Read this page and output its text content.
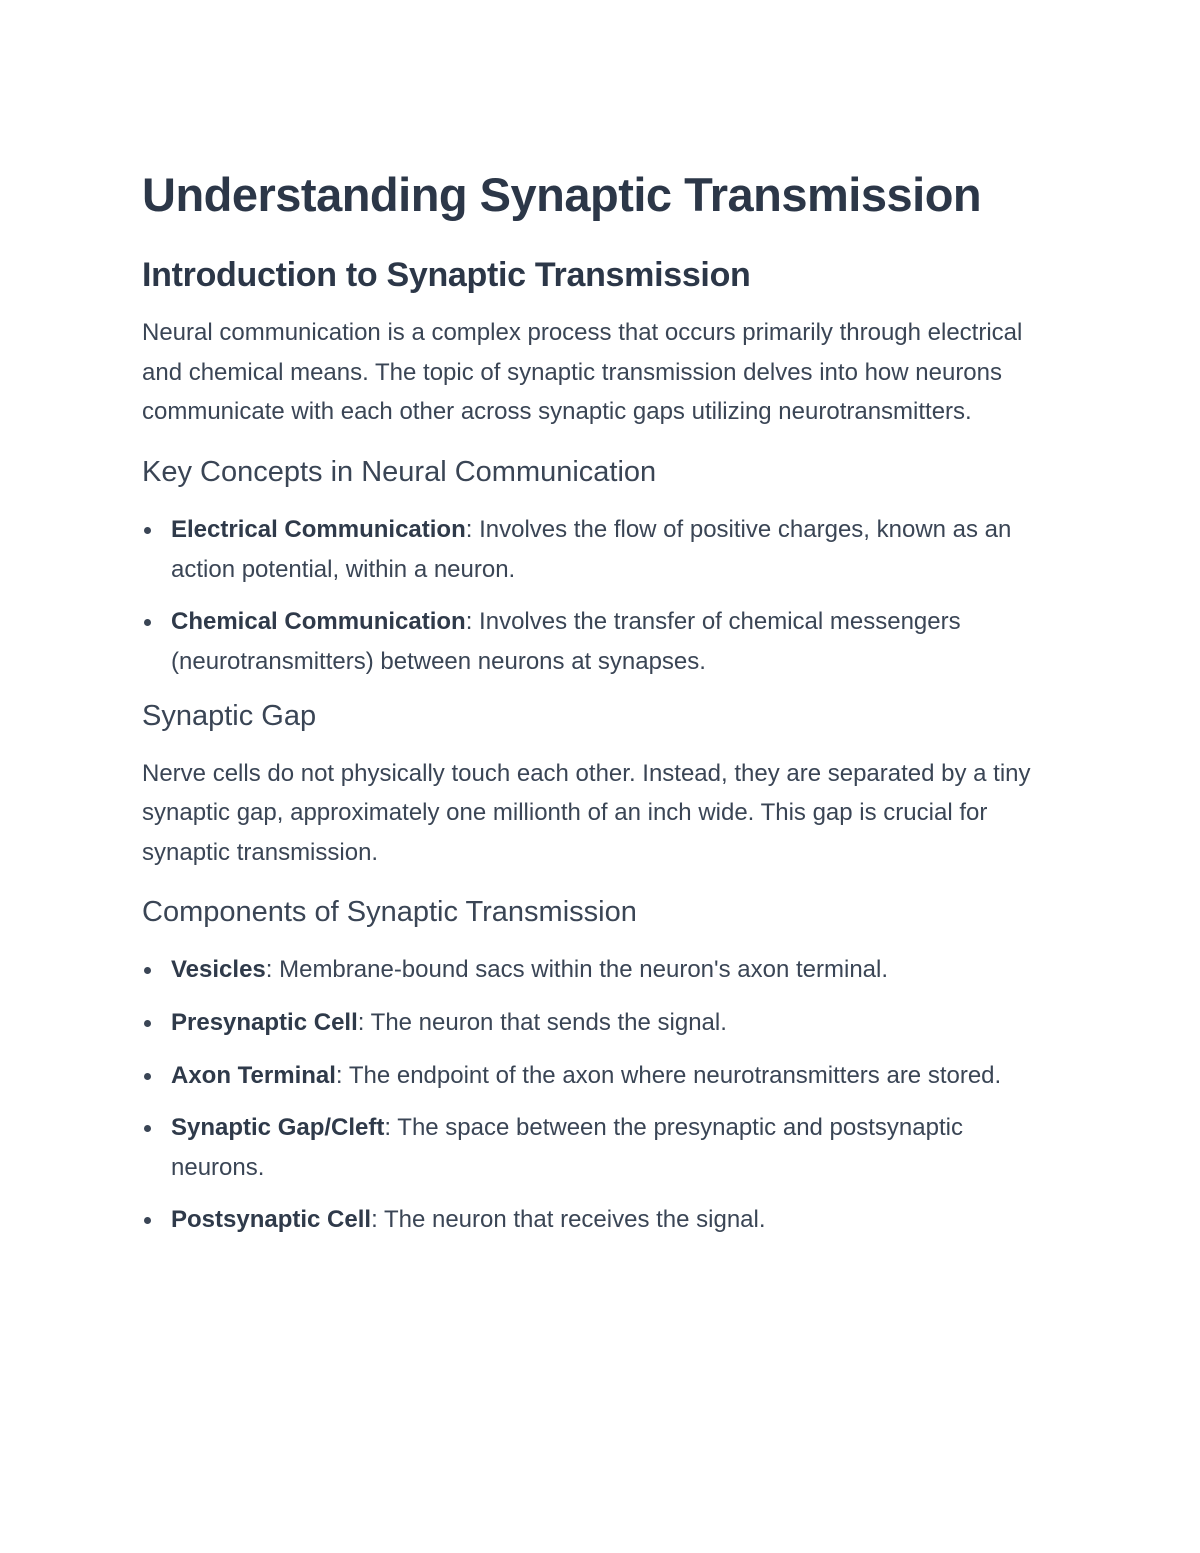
Understanding Synaptic Transmission
Introduction to Synaptic Transmission

Neural communication is a complex process that occurs primarily through electrical and chemical means. The topic of synaptic transmission delves into how neurons communicate with each other across synaptic gaps utilizing neurotransmitters.

Key Concepts in Neural Communication
Electrical Communication: Involves the flow of positive charges, known as an action potential, within a neuron.
Chemical Communication: Involves the transfer of chemical messengers (neurotransmitters) between neurons at synapses.
Synaptic Gap

Nerve cells do not physically touch each other. Instead, they are separated by a tiny synaptic gap, approximately one millionth of an inch wide. This gap is crucial for synaptic transmission.

Components of Synaptic Transmission
Vesicles: Membrane-bound sacs within the neuron's axon terminal.
Presynaptic Cell: The neuron that sends the signal.
Axon Terminal: The endpoint of the axon where neurotransmitters are stored.
Synaptic Gap/Cleft: The space between the presynaptic and postsynaptic neurons.
Postsynaptic Cell: The neuron that receives the signal.
